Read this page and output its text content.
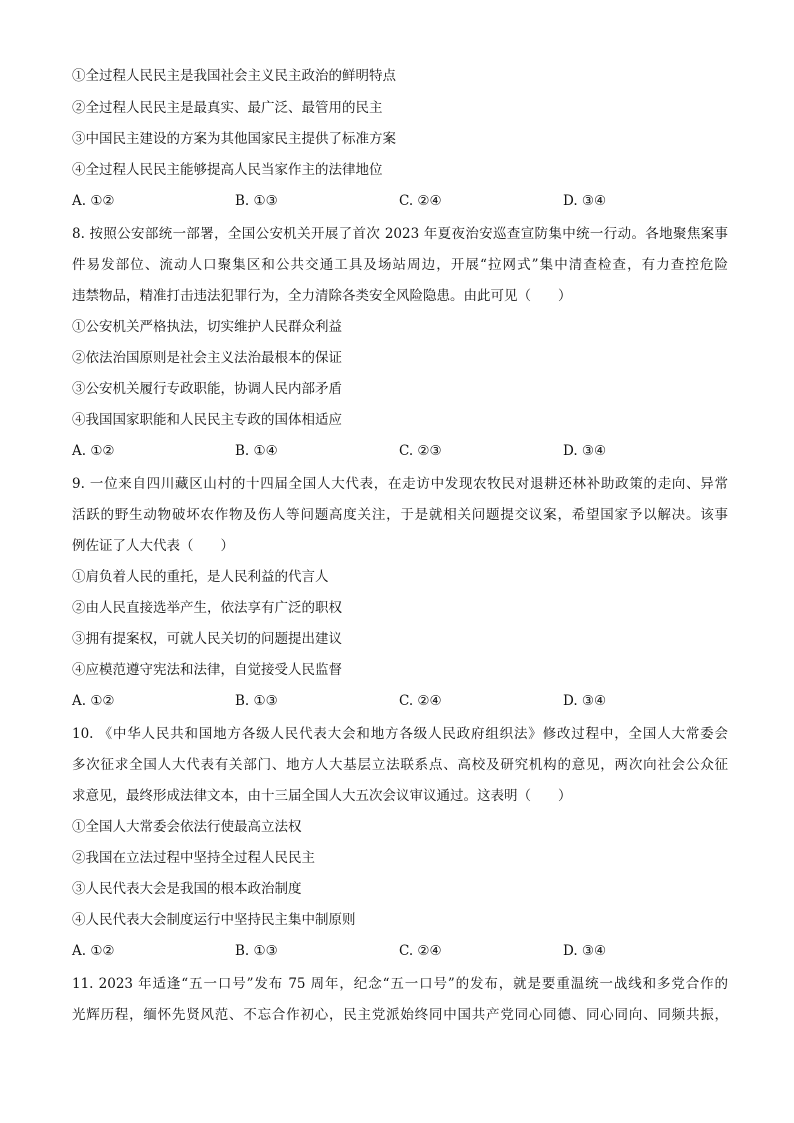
①全过程人民民主是我国社会主义民主政治的鲜明特点
②全过程人民民主是最真实、最广泛、最管用的民主
③中国民主建设的方案为其他国家民主提供了标准方案
④全过程人民民主能够提高人民当家作主的法律地位
A. ①②	B. ①③	C. ②④	D. ③④
8. 按照公安部统一部署，全国公安机关开展了首次 2023 年夏夜治安巡查宣防集中统一行动。各地聚焦案事
件易发部位、流动人口聚集区和公共交通工具及场站周边，开展“拉网式”集中清查检查，有力查控危险
违禁物品，精准打击违法犯罪行为，全力清除各类安全风险隐患。由此可见（　　）
①公安机关严格执法，切实维护人民群众利益
②依法治国原则是社会主义法治最根本的保证
③公安机关履行专政职能，协调人民内部矛盾
④我国国家职能和人民民主专政的国体相适应
A. ①②	B. ①④	C. ②③	D. ③④
9. 一位来自四川藏区山村的十四届全国人大代表，在走访中发现农牧民对退耕还林补助政策的走向、异常
活跃的野生动物破坏农作物及伤人等问题高度关注，于是就相关问题提交议案，希望国家予以解决。该事
例佐证了人大代表（　　）
①肩负着人民的重托，是人民利益的代言人
②由人民直接选举产生，依法享有广泛的职权
③拥有提案权，可就人民关切的问题提出建议
④应模范遵守宪法和法律，自觉接受人民监督
A. ①②	B. ①③	C. ②④	D. ③④
10. 《中华人民共和国地方各级人民代表大会和地方各级人民政府组织法》修改过程中，全国人大常委会
多次征求全国人大代表有关部门、地方人大基层立法联系点、高校及研究机构的意见，两次向社会公众征
求意见，最终形成法律文本，由十三届全国人大五次会议审议通过。这表明（　　）
①全国人大常委会依法行使最高立法权
②我国在立法过程中坚持全过程人民民主
③人民代表大会是我国的根本政治制度
④人民代表大会制度运行中坚持民主集中制原则
A. ①②	B. ①③	C. ②④	D. ③④
11. 2023 年适逢“五一口号”发布 75 周年，纪念“五一口号”的发布，就是要重温统一战线和多党合作的
光辉历程，缅怀先贤风范、不忘合作初心，民主党派始终同中国共产党同心同德、同心同向、同频共振，
